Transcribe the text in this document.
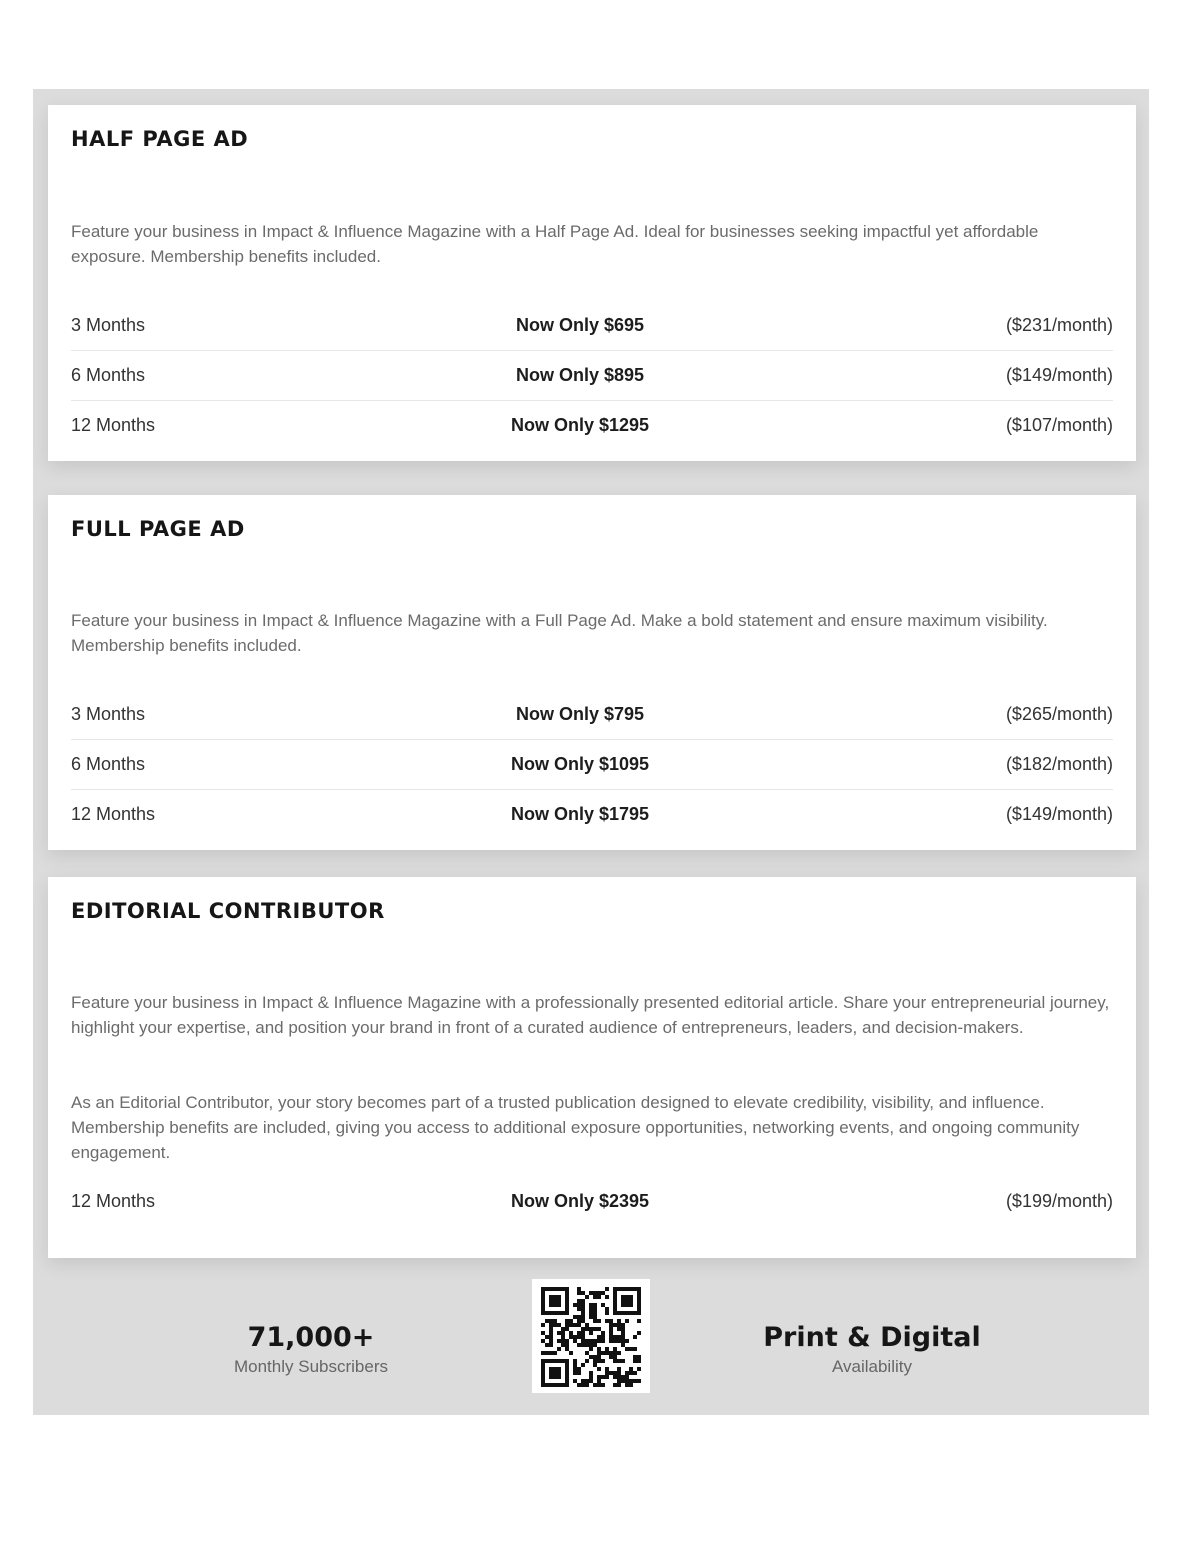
HALF PAGE AD

Feature your business in Impact & Influence Magazine with a Half Page Ad. Ideal for businesses seeking impactful yet affordable exposure. Membership benefits included.

3 Months	Now Only $695	($231/month)
6 Months	Now Only $895	($149/month)
12 Months	Now Only $1295	($107/month)
FULL PAGE AD

Feature your business in Impact & Influence Magazine with a Full Page Ad. Make a bold statement and ensure maximum visibility. Membership benefits included.

3 Months	Now Only $795	($265/month)
6 Months	Now Only $1095	($182/month)
12 Months	Now Only $1795	($149/month)
EDITORIAL CONTRIBUTOR

Feature your business in Impact & Influence Magazine with a professionally presented editorial article. Share your entrepreneurial journey, highlight your expertise, and position your brand in front of a curated audience of entrepreneurs, leaders, and decision-makers.

As an Editorial Contributor, your story becomes part of a trusted publication designed to elevate credibility, visibility, and influence. Membership benefits are included, giving you access to additional exposure opportunities, networking events, and ongoing community engagement.

12 Months	Now Only $2395	($199/month)
71,000+
Monthly Subscribers
Print & Digital
Availability
